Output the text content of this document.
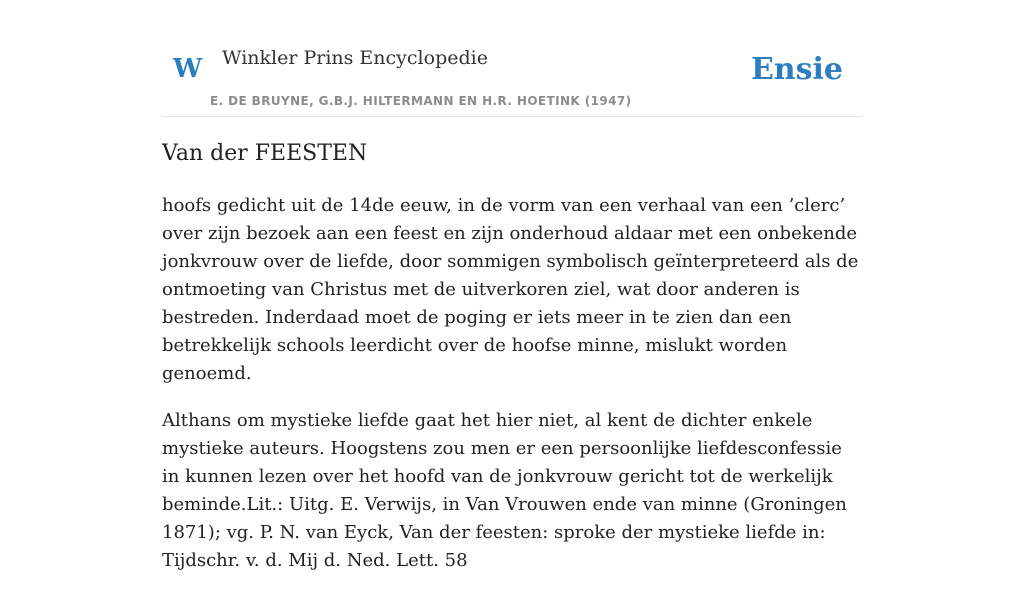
W Winkler Prins Encyclopedie
E. DE BRUYNE, G.B.J. HILTERMANN EN H.R. HOETINK (1947)
Ensie
Van der FEESTEN

hoofs gedicht uit de 14de eeuw, in de vorm van een verhaal van een ’clerc’ over zijn bezoek aan een feest en zijn onderhoud aldaar met een onbekende jonkvrouw over de liefde, door sommigen symbolisch geïnterpreteerd als de ontmoeting van Christus met de uitverkoren ziel, wat door anderen is bestreden. Inderdaad moet de poging er iets meer in te zien dan een betrekkelijk schools leerdicht over de hoofse minne, mislukt worden genoemd.

Althans om mystieke liefde gaat het hier niet, al kent de dichter enkele mystieke auteurs. Hoogstens zou men er een persoonlijke liefdesconfessie in kunnen lezen over het hoofd van de jonkvrouw gericht tot de werkelijk beminde.Lit.: Uitg. E. Verwijs, in Van Vrouwen ende van minne (Groningen 1871); vg. P. N. van Eyck, Van der feesten: sproke der mystieke liefde in: Tijdschr. v. d. Mij d. Ned. Lett. 58
